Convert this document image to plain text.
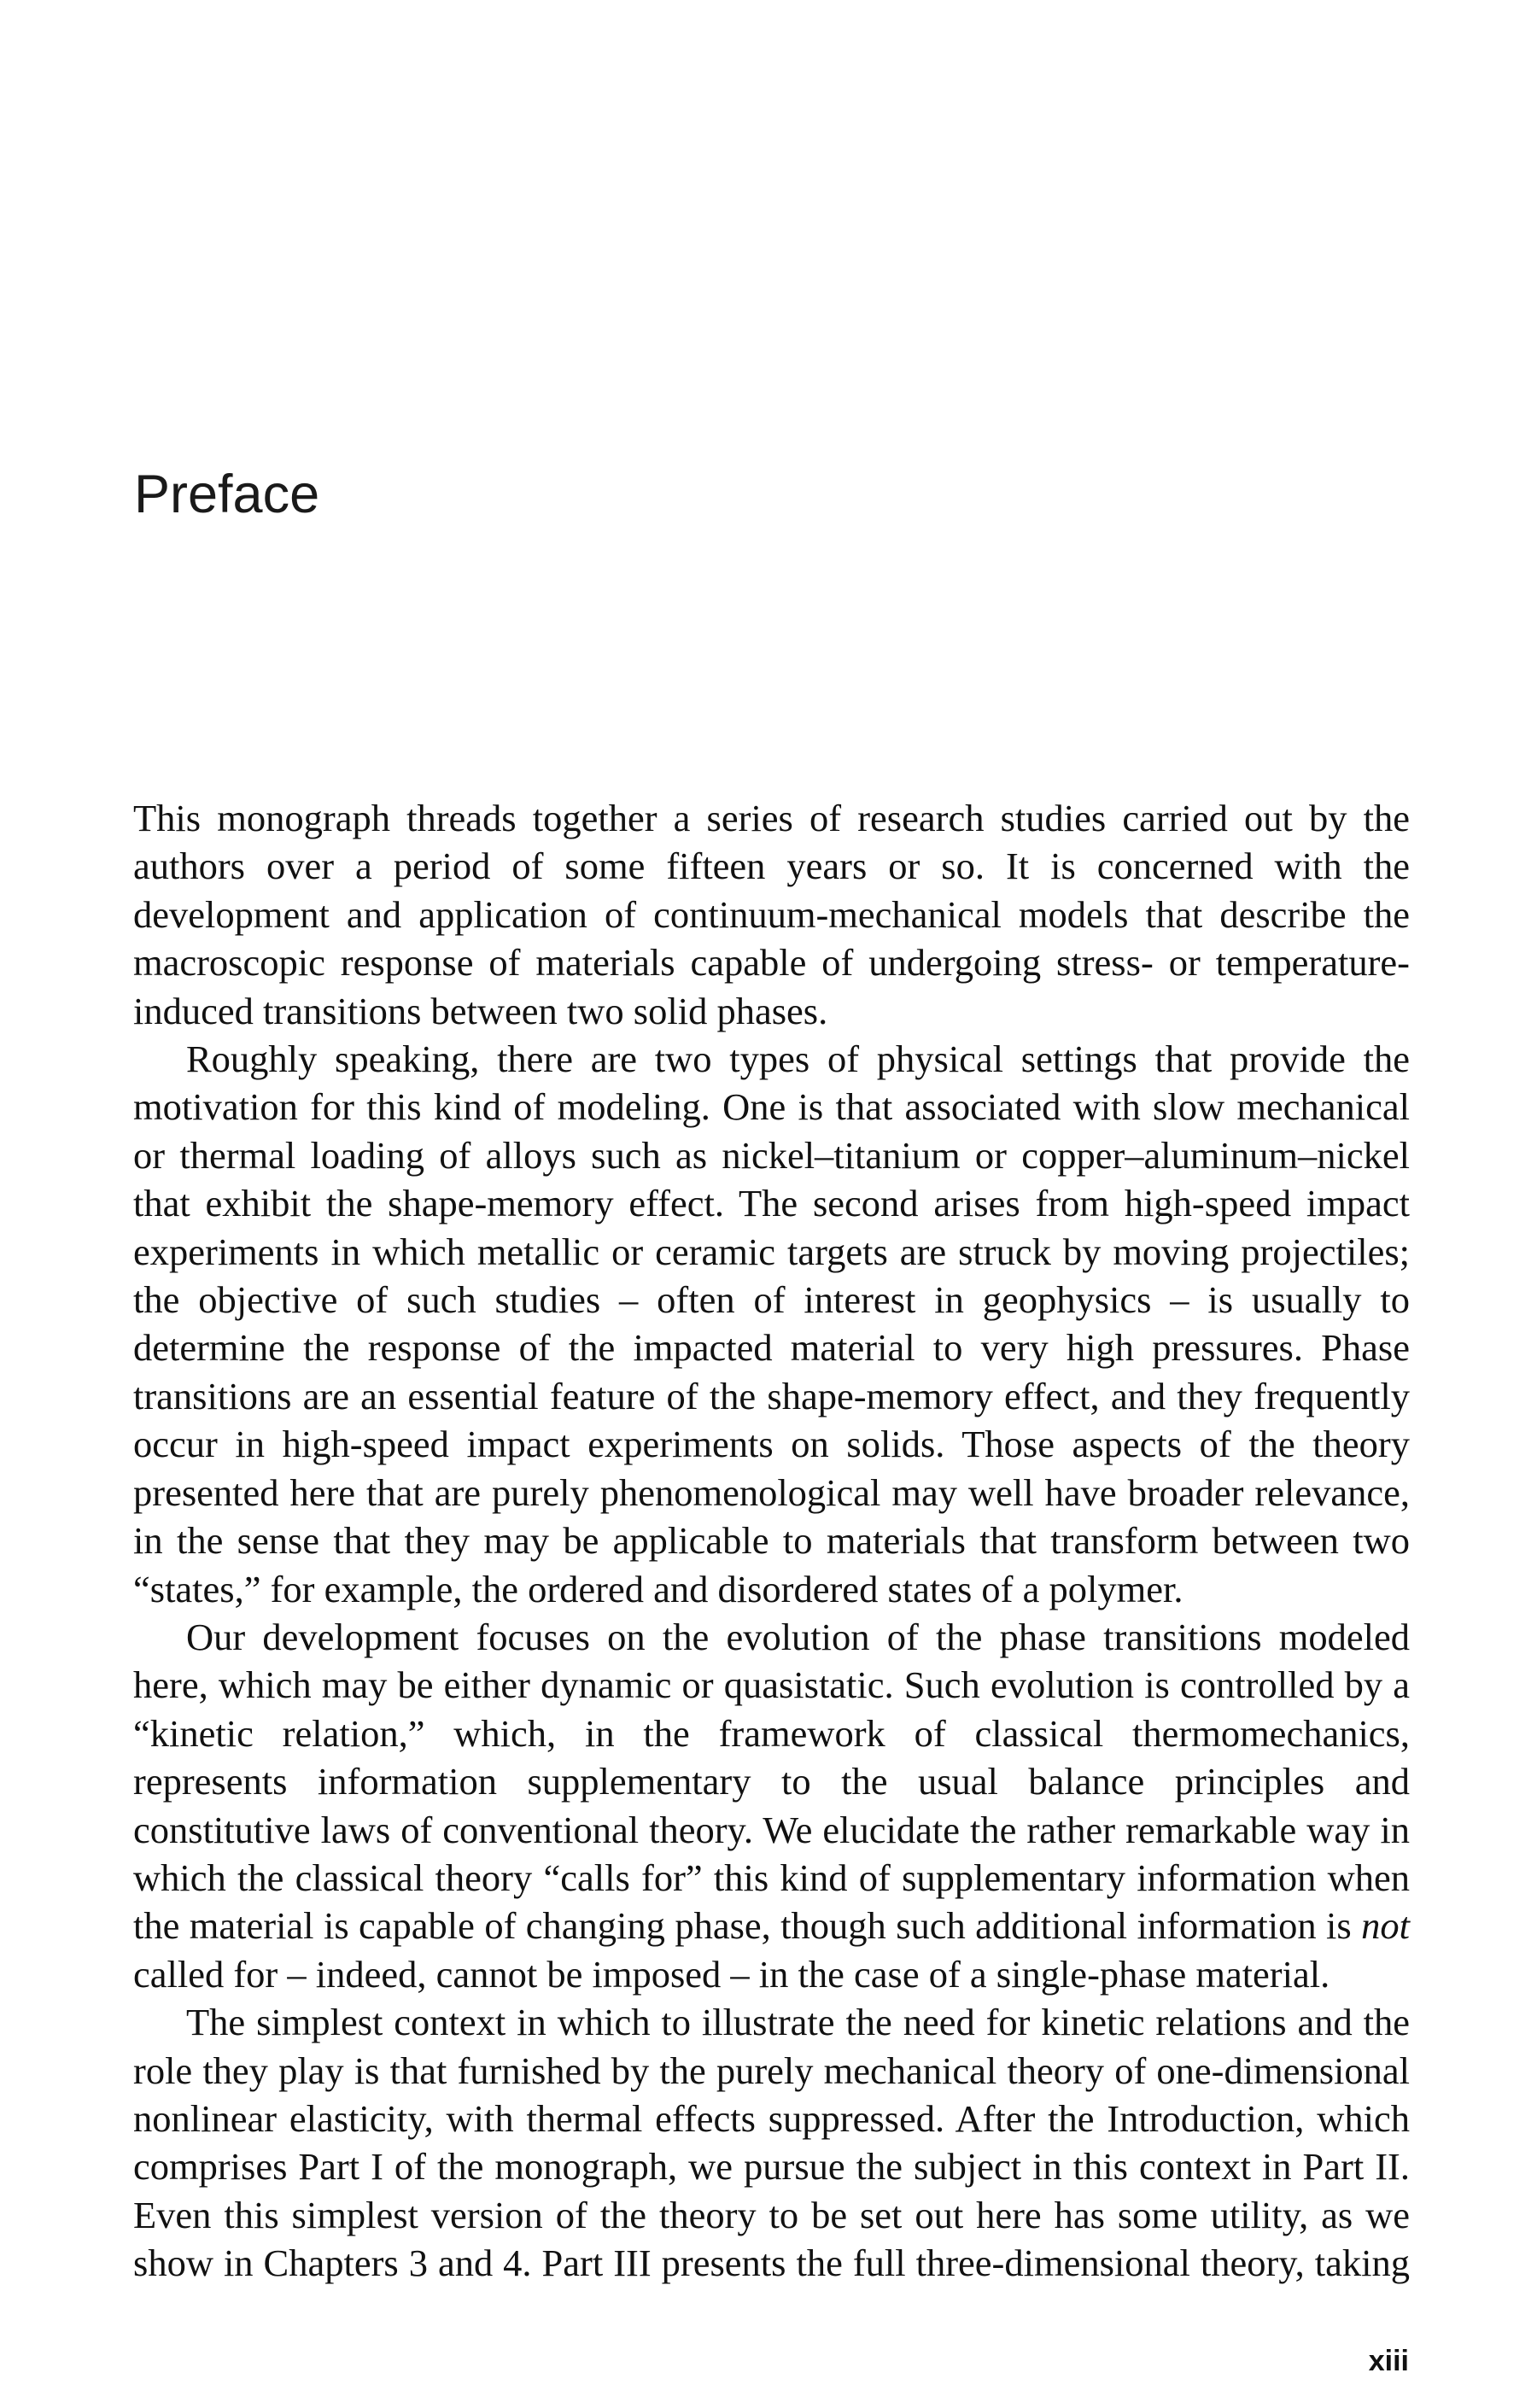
Preface

This monograph threads together a series of research studies carried out by the authors over a period of some fifteen years or so. It is concerned with the development and application of continuum-mechanical models that describe the macroscopic response of materials capable of undergoing stress- or temperature-induced transitions between two solid phases.

Roughly speaking, there are two types of physical settings that provide the motivation for this kind of modeling. One is that associated with slow mechanical or thermal loading of alloys such as nickel–titanium or copper–aluminum–nickel that exhibit the shape-memory effect. The second arises from high-speed impact experiments in which metallic or ceramic targets are struck by moving projectiles; the objective of such studies – often of interest in geophysics – is usually to determine the response of the impacted material to very high pressures. Phase transitions are an essential feature of the shape-memory effect, and they frequently occur in high-speed impact experiments on solids. Those aspects of the theory presented here that are purely phenomenological may well have broader relevance, in the sense that they may be applicable to materials that transform between two “states,” for example, the ordered and disordered states of a polymer.

Our development focuses on the evolution of the phase transitions modeled here, which may be either dynamic or quasistatic. Such evolution is controlled by a “kinetic relation,” which, in the framework of classical thermomechanics, represents information supplementary to the usual balance principles and constitutive laws of conventional theory. We elucidate the rather remarkable way in which the classical theory “calls for” this kind of supplementary information when the material is capable of changing phase, though such additional information is not called for – indeed, cannot be imposed – in the case of a single-phase material.

The simplest context in which to illustrate the need for kinetic relations and the role they play is that furnished by the purely mechanical theory of one-dimensional nonlinear elasticity, with thermal effects suppressed. After the Introduction, which comprises Part I of the monograph, we pursue the subject in this context in Part II. Even this simplest version of the theory to be set out here has some utility, as we show in Chapters 3 and 4. Part III presents the full three-dimensional theory, taking

xiii
